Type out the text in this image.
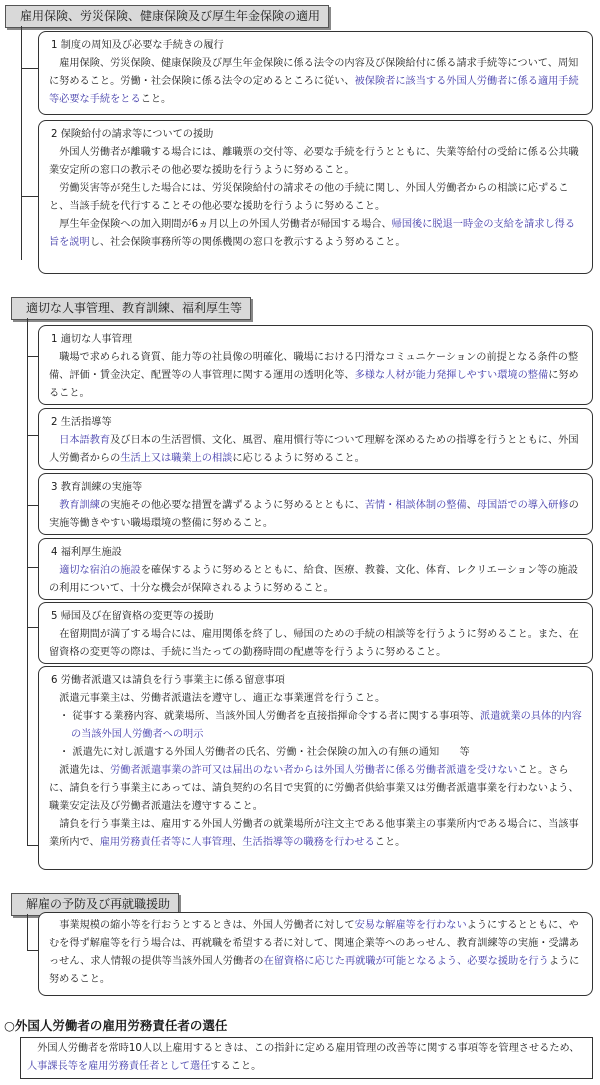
雇用保険、労災保険、健康保険及び厚生年金保険の適用

1 制度の周知及び必要な手続きの履行

雇用保険、労災保険、健康保険及び厚生年金保険に係る法令の内容及び保険給付に係る請求手続等について、周知に努めること。労働・社会保険に係る法令の定めるところに従い、被保険者に該当する外国人労働者に係る適用手続等必要な手続をとること。

2 保険給付の請求等についての援助

外国人労働者が離職する場合には、離職票の交付等、必要な手続を行うとともに、失業等給付の受給に係る公共職業安定所の窓口の教示その他必要な援助を行うように努めること。

労働災害等が発生した場合には、労災保険給付の請求その他の手続に関し、外国人労働者からの相談に応ずること、当該手続を代行することその他必要な援助を行うように努めること。

厚生年金保険への加入期間が6ヵ月以上の外国人労働者が帰国する場合、帰国後に脱退一時金の支給を請求し得る旨を説明し、社会保険事務所等の関係機関の窓口を教示するよう努めること。

適切な人事管理、教育訓練、福利厚生等

1 適切な人事管理

職場で求められる資質、能力等の社員像の明確化、職場における円滑なコミュニケーションの前提となる条件の整備、評価・賃金決定、配置等の人事管理に関する運用の透明化等、多様な人材が能力発揮しやすい環境の整備に努めること。

2 生活指導等

日本語教育及び日本の生活習慣、文化、風習、雇用慣行等について理解を深めるための指導を行うとともに、外国人労働者からの生活上又は職業上の相談に応じるように努めること。

3 教育訓練の実施等

教育訓練の実施その他必要な措置を講ずるように努めるとともに、苦情・相談体制の整備、母国語での導入研修の実施等働きやすい職場環境の整備に努めること。

4 福利厚生施設

適切な宿泊の施設を確保するように努めるとともに、給食、医療、教養、文化、体育、レクリエーション等の施設の利用について、十分な機会が保障されるように努めること。

5 帰国及び在留資格の変更等の援助

在留期間が満了する場合には、雇用関係を終了し、帰国のための手続の相談等を行うように努めること。また、在留資格の変更等の際は、手続に当たっての勤務時間の配慮等を行うように努めること。

6 労働者派遣又は請負を行う事業主に係る留意事項

派遣元事業主は、労働者派遣法を遵守し、適正な事業運営を行うこと。

・ 従事する業務内容、就業場所、当該外国人労働者を直接指揮命令する者に関する事項等、派遣就業の具体的内容の当該外国人労働者への明示

・ 派遣先に対し派遣する外国人労働者の氏名、労働・社会保険の加入の有無の通知　　等

派遣先は、労働者派遣事業の許可又は届出のない者からは外国人労働者に係る労働者派遣を受けないこと。さらに、請負を行う事業主にあっては、請負契約の名目で実質的に労働者供給事業又は労働者派遣事業を行わないよう、職業安定法及び労働者派遣法を遵守すること。

請負を行う事業主は、雇用する外国人労働者の就業場所が注文主である他事業主の事業所内である場合に、当該事業所内で、雇用労務責任者等に人事管理、生活指導等の職務を行わせること。

解雇の予防及び再就職援助

事業規模の縮小等を行おうとするときは、外国人労働者に対して安易な解雇等を行わないようにするとともに、やむを得ず解雇等を行う場合は、再就職を希望する者に対して、関連企業等へのあっせん、教育訓練等の実施・受講あっせん、求人情報の提供等当該外国人労働者の在留資格に応じた再就職が可能となるよう、必要な援助を行うように努めること。

○外国人労働者の雇用労務責任者の選任

外国人労働者を常時10人以上雇用するときは、この指針に定める雇用管理の改善等に関する事項等を管理させるため、人事課長等を雇用労務責任者として選任すること。
